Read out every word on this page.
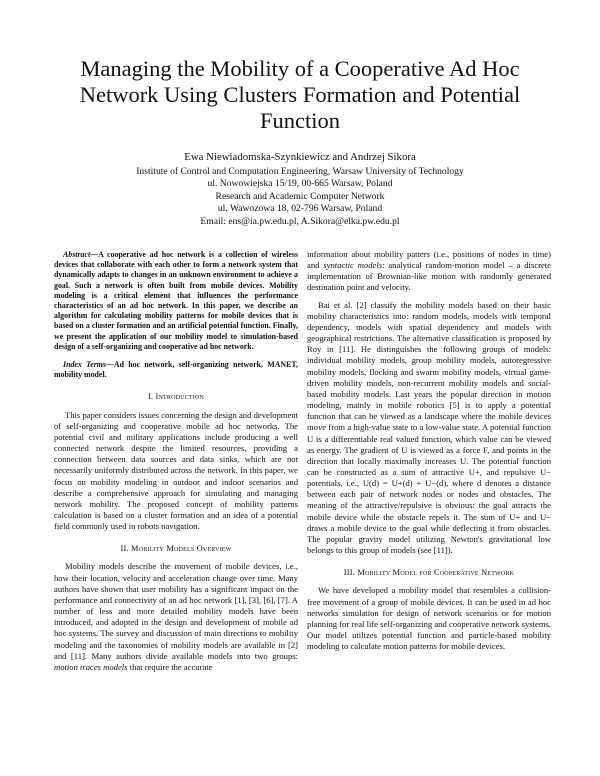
Managing the Mobility of a Cooperative Ad Hoc
Network Using Clusters Formation and Potential
Function
Ewa Niewiadomska-Szynkiewicz and Andrzej Sikora
Institute of Control and Computation Engineering, Warsaw University of Technology
ul. Nowowiejska 15/19, 00-665 Warsaw, Poland
Research and Academic Computer Network
ul. Wawozowa 18, 02-796 Warsaw, Poland
Email: ens@ia.pw.edu.pl, A.Sikora@elka.pw.edu.pl

Abstract—A cooperative ad hoc network is a collection of wireless devices that collaborate with each other to form a network system that dynamically adapts to changes in an unknown environment to achieve a goal. Such a network is often built from mobile devices. Mobility modeling is a critical element that influences the performance characteristics of an ad hoc network. In this paper, we describe an algorithm for calculating mobility patterns for mobile devices that is based on a cluster formation and an artificial potential function. Finally, we present the application of our mobility model to simulation-based design of a self-organizing and cooperative ad hoc network.

Index Terms—Ad hoc network, self-organizing network, MANET, mobility model.

I. Introduction

This paper considers issues concerning the design and development of self-organizing and cooperative mobile ad hoc networks. The potential civil and military applications include producing a well connected network despite the limited resources, providing a connection between data sources and data sinks, which are not necessarily uniformly distributed across the network. In this paper, we focus on mobility modeling in outdoor and indoor scenarios and describe a comprehensive approach for simulating and managing network mobility. The proposed concept of mobility patterns calculation is based on a cluster formation and an idea of a potential field commonly used in robots navigation.

II. Mobility Models Overview

Mobility models describe the movement of mobile devices, i.e., how their location, velocity and acceleration change over time. Many authors have shown that user mobility has a significant impact on the performance and connectivity of an ad hoc network [1], [3], [6], [7]. A number of less and more detailed mobility models have been introduced, and adopted in the design and development of mobile ad hoc systems. The survey and discussion of main directions to mobility modeling and the taxonomies of mobility models are available in [2] and [11]. Many authors divide available models into two groups: motion traces models that require the accurate

information about mobility patters (i.e., positions of nodes in time) and syntactic models: analytical random-motion model – a discrete implementation of Brownian-like motion with randomly generated destination point and velocity.

Bai et al. [2] classify the mobility models based on their basic mobility characteristics into: random models, models with temporal dependency, models with spatial dependency and models with geographical restrictions. The alternative classification is proposed by Roy in [11]. He distinguishes the following groups of models: individual mobility models, group mobility models, autoregressive mobility models, flocking and swarm mobility models, virtual game-driven mobility models, non-recurrent mobility models and social-based mobility models. Last years the popular direction in motion modeling, mainly in mobile robotics [5] is to apply a potential function that can be viewed as a landscape where the mobile devices move from a high-value state to a low-value state. A potential function U is a differentiable real valued function, which value can be viewed as energy. The gradient of U is viewed as a force F, and points in the direction that locally maximally increases U. The potential function can be constructed as a sum of attractive U+, and repulsive U− potentials, i.e., U(d) = U+(d) + U−(d), where d denotes a distance between each pair of network nodes or nodes and obstacles. The meaning of the attractive/repulsive is obvious: the goal attracts the mobile device while the obstacle repels it. The sum of U+ and U− draws a mobile device to the goal while deflecting it from obstacles. The popular gravity model utilizing Newton's gravitational low belongs to this group of models (see [11]).

III. Mobility Model for Cooperative Network

We have developed a mobility model that resembles a collision-free movement of a group of mobile devices. It can be used in ad hoc networks simulation for design of network scenarios or for motion planning for real life self-organizing and cooperative network systems. Our model utilizes potential function and particle-based mobility modeling to calculate motion patterns for mobile devices.
